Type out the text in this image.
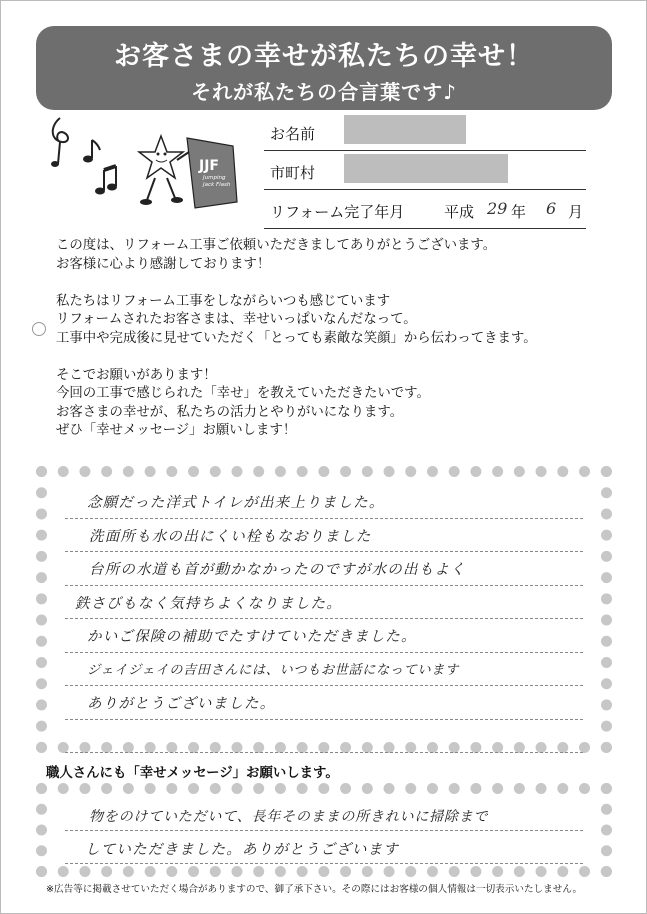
お客さまの幸せが私たちの幸せ！
それが私たちの合言葉です♪
JJF
Jumping Jack Flash
お名前
市町村
リフォーム完了年月	平成 29 年 6 月

この度は、リフォーム工事ご依頼いただきましてありがとうございます。
お客様に心より感謝しております！

私たちはリフォーム工事をしながらいつも感じています
リフォームされたお客さまは、幸せいっぱいなんだなって。
工事中や完成後に見せていただく「とっても素敵な笑顔」から伝わってきます。

そこでお願いがあります！
今回の工事で感じられた「幸せ」を教えていただきたいです。
お客さまの幸せが、私たちの活力とやりがいになります。
ぜひ「幸せメッセージ」お願いします！

念願だった洋式トイレが出来上りました。
洗面所も水の出にくい栓もなおりました
台所の水道も首が動かなかったのですが水の出もよく
鉄さびもなく気持ちよくなりました。
かいご保険の補助でたすけていただきました。
ジェイジェイの吉田さんには、いつもお世話になっています
ありがとうございました。
職人さんにも「幸せメッセージ」お願いします。
物をのけていただいて、長年そのままの所きれいに掃除まで
していただきました。ありがとうございます
※広告等に掲載させていただく場合がありますので、御了承下さい。その際にはお客様の個人情報は一切表示いたしません。
